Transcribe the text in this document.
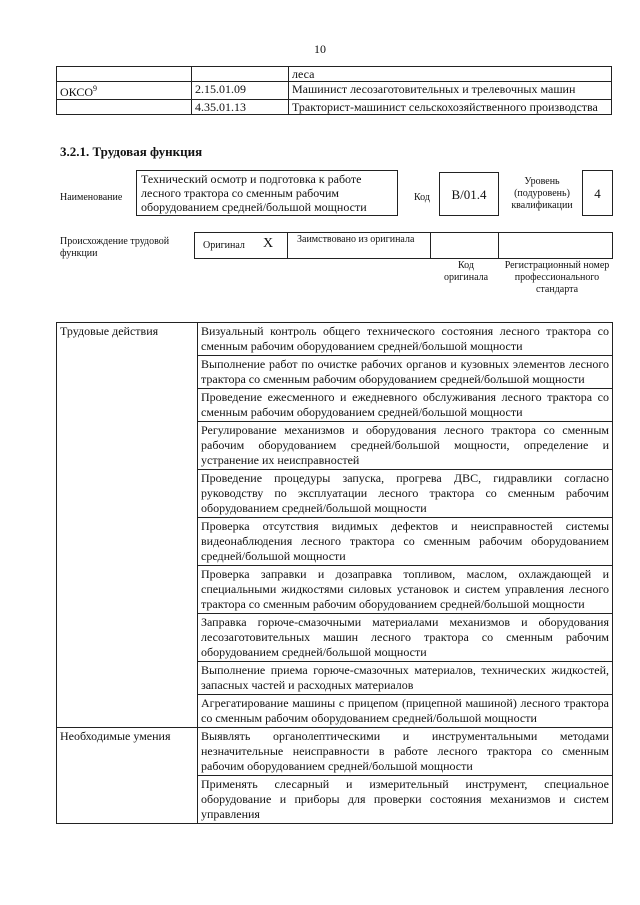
10
		леса
ОКСО$^9$	2.15.01.09	Машинист лесозаготовительных и трелевочных машин
	4.35.01.13	Тракторист-машинист сельскохозяйственного производства
3.2.1. Трудовая функция
Наименование
Технический осмотр и подготовка к работе лесного трактора со сменным рабочим оборудованием средней/большой мощности
Код	B/01.4
Уровень (подуровень) квалификации
4
Происхождение трудовой функции
Оригинал X Заимствовано из оригинала
Код оригинала
Регистрационный номер профессионального стандарта
Трудовые действия	Визуальный контроль общего технического состояния лесного трактора со сменным рабочим оборудованием средней/большой мощности
	Выполнение работ по очистке рабочих органов и кузовных элементов лесного трактора со сменным рабочим оборудованием средней/большой мощности
	Проведение ежесменного и ежедневного обслуживания лесного трактора со сменным рабочим оборудованием средней/большой мощности
	Регулирование механизмов и оборудования лесного трактора со сменным рабочим оборудованием средней/большой мощности, определение и устранение их неисправностей
	Проведение процедуры запуска, прогрева ДВС, гидравлики согласно руководству по эксплуатации лесного трактора со сменным рабочим оборудованием средней/большой мощности
	Проверка отсутствия видимых дефектов и неисправностей системы видеонаблюдения лесного трактора со сменным рабочим оборудованием средней/большой мощности
	Проверка заправки и дозаправка топливом, маслом, охлаждающей и специальными жидкостями силовых установок и систем управления лесного трактора со сменным рабочим оборудованием средней/большой мощности
	Заправка горюче-смазочными материалами механизмов и оборудования лесозаготовительных машин лесного трактора со сменным рабочим оборудованием средней/большой мощности
	Выполнение приема горюче-смазочных материалов, технических жидкостей, запасных частей и расходных материалов
	Агрегатирование машины с прицепом (прицепной машиной) лесного трактора со сменным рабочим оборудованием средней/большой мощности
Необходимые умения	Выявлять органолептическими и инструментальными методами незначительные неисправности в работе лесного трактора со сменным рабочим оборудованием средней/большой мощности
	Применять слесарный и измерительный инструмент, специальное оборудование и приборы для проверки состояния механизмов и систем управления
